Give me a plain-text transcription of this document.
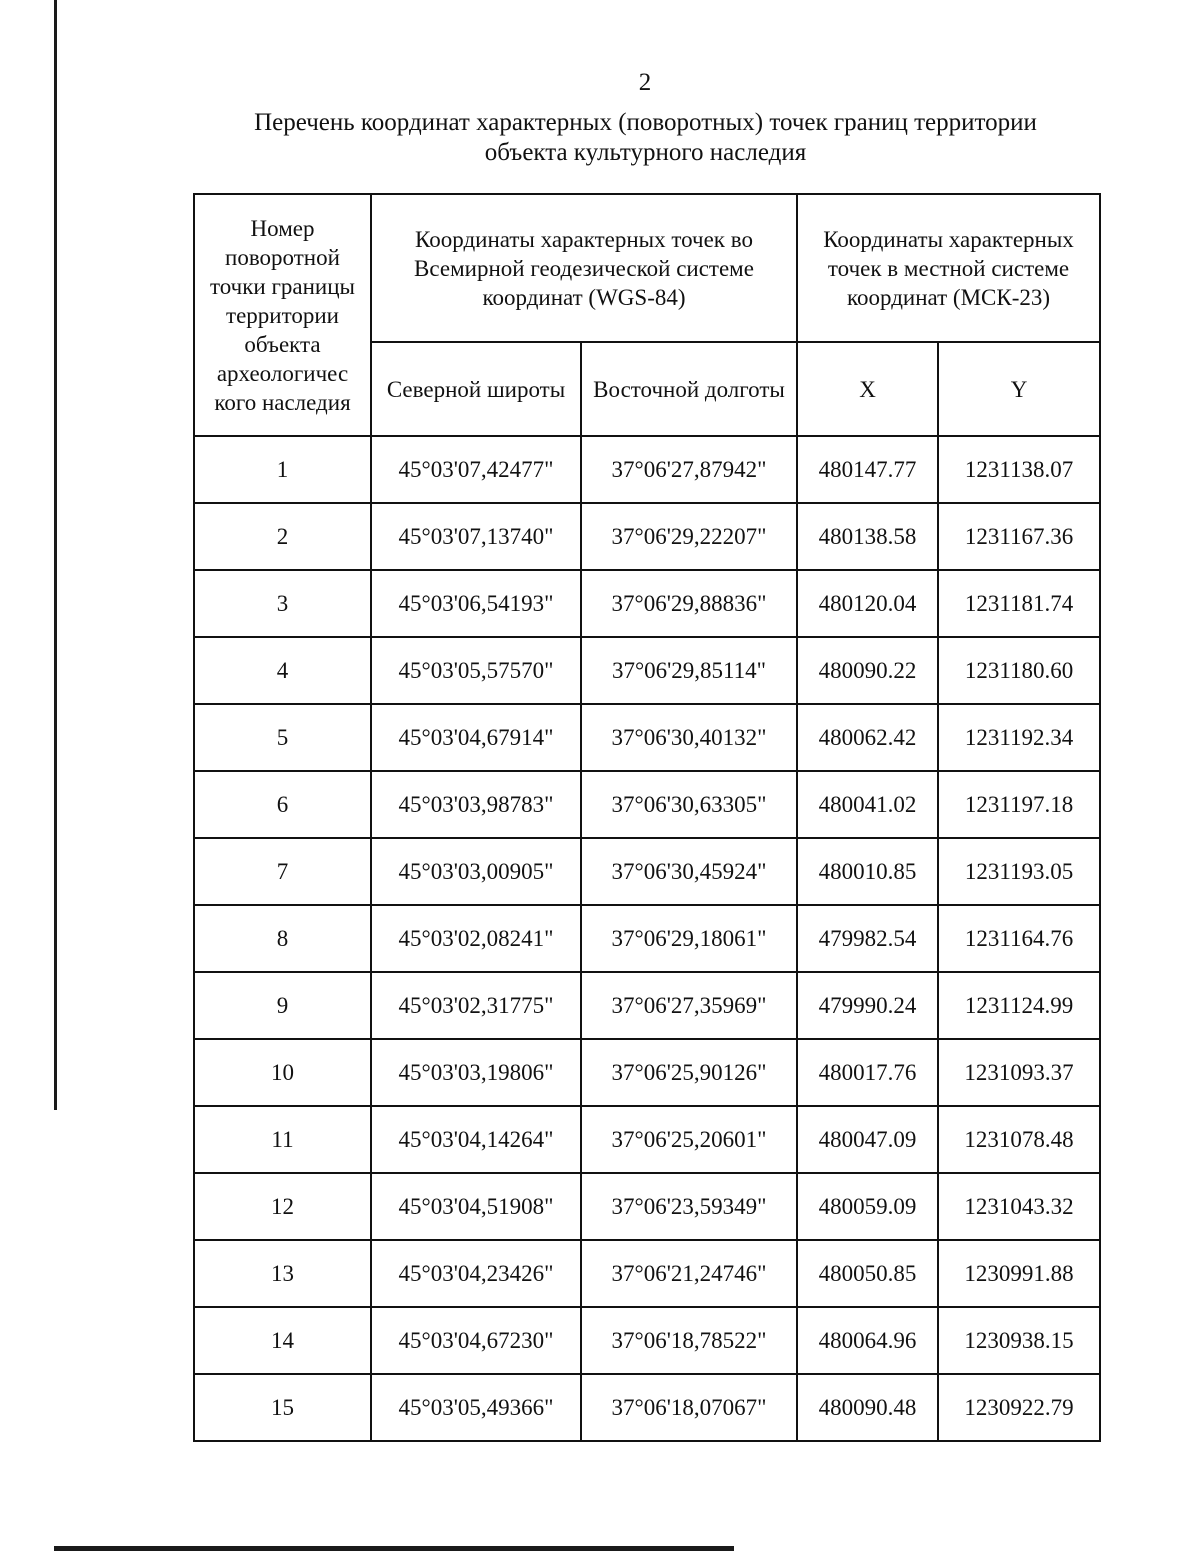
2
Перечень координат характерных (поворотных) точек границ территории
объекта культурного наследия
Номер поворотной точки границы территории объекта археологичес кого наследия	Координаты характерных точек во Всемирной геодезической системе координат (WGS-84)		Координаты характерных точек в местной системе координат (МСК-23)	
	Северной широты	Восточной долготы	X	Y
1	45°03'07,42477"	37°06'27,87942"	480147.77	1231138.07
2	45°03'07,13740"	37°06'29,22207"	480138.58	1231167.36
3	45°03'06,54193"	37°06'29,88836"	480120.04	1231181.74
4	45°03'05,57570"	37°06'29,85114"	480090.22	1231180.60
5	45°03'04,67914"	37°06'30,40132"	480062.42	1231192.34
6	45°03'03,98783"	37°06'30,63305"	480041.02	1231197.18
7	45°03'03,00905"	37°06'30,45924"	480010.85	1231193.05
8	45°03'02,08241"	37°06'29,18061"	479982.54	1231164.76
9	45°03'02,31775"	37°06'27,35969"	479990.24	1231124.99
10	45°03'03,19806"	37°06'25,90126"	480017.76	1231093.37
11	45°03'04,14264"	37°06'25,20601"	480047.09	1231078.48
12	45°03'04,51908"	37°06'23,59349"	480059.09	1231043.32
13	45°03'04,23426"	37°06'21,24746"	480050.85	1230991.88
14	45°03'04,67230"	37°06'18,78522"	480064.96	1230938.15
15	45°03'05,49366"	37°06'18,07067"	480090.48	1230922.79
